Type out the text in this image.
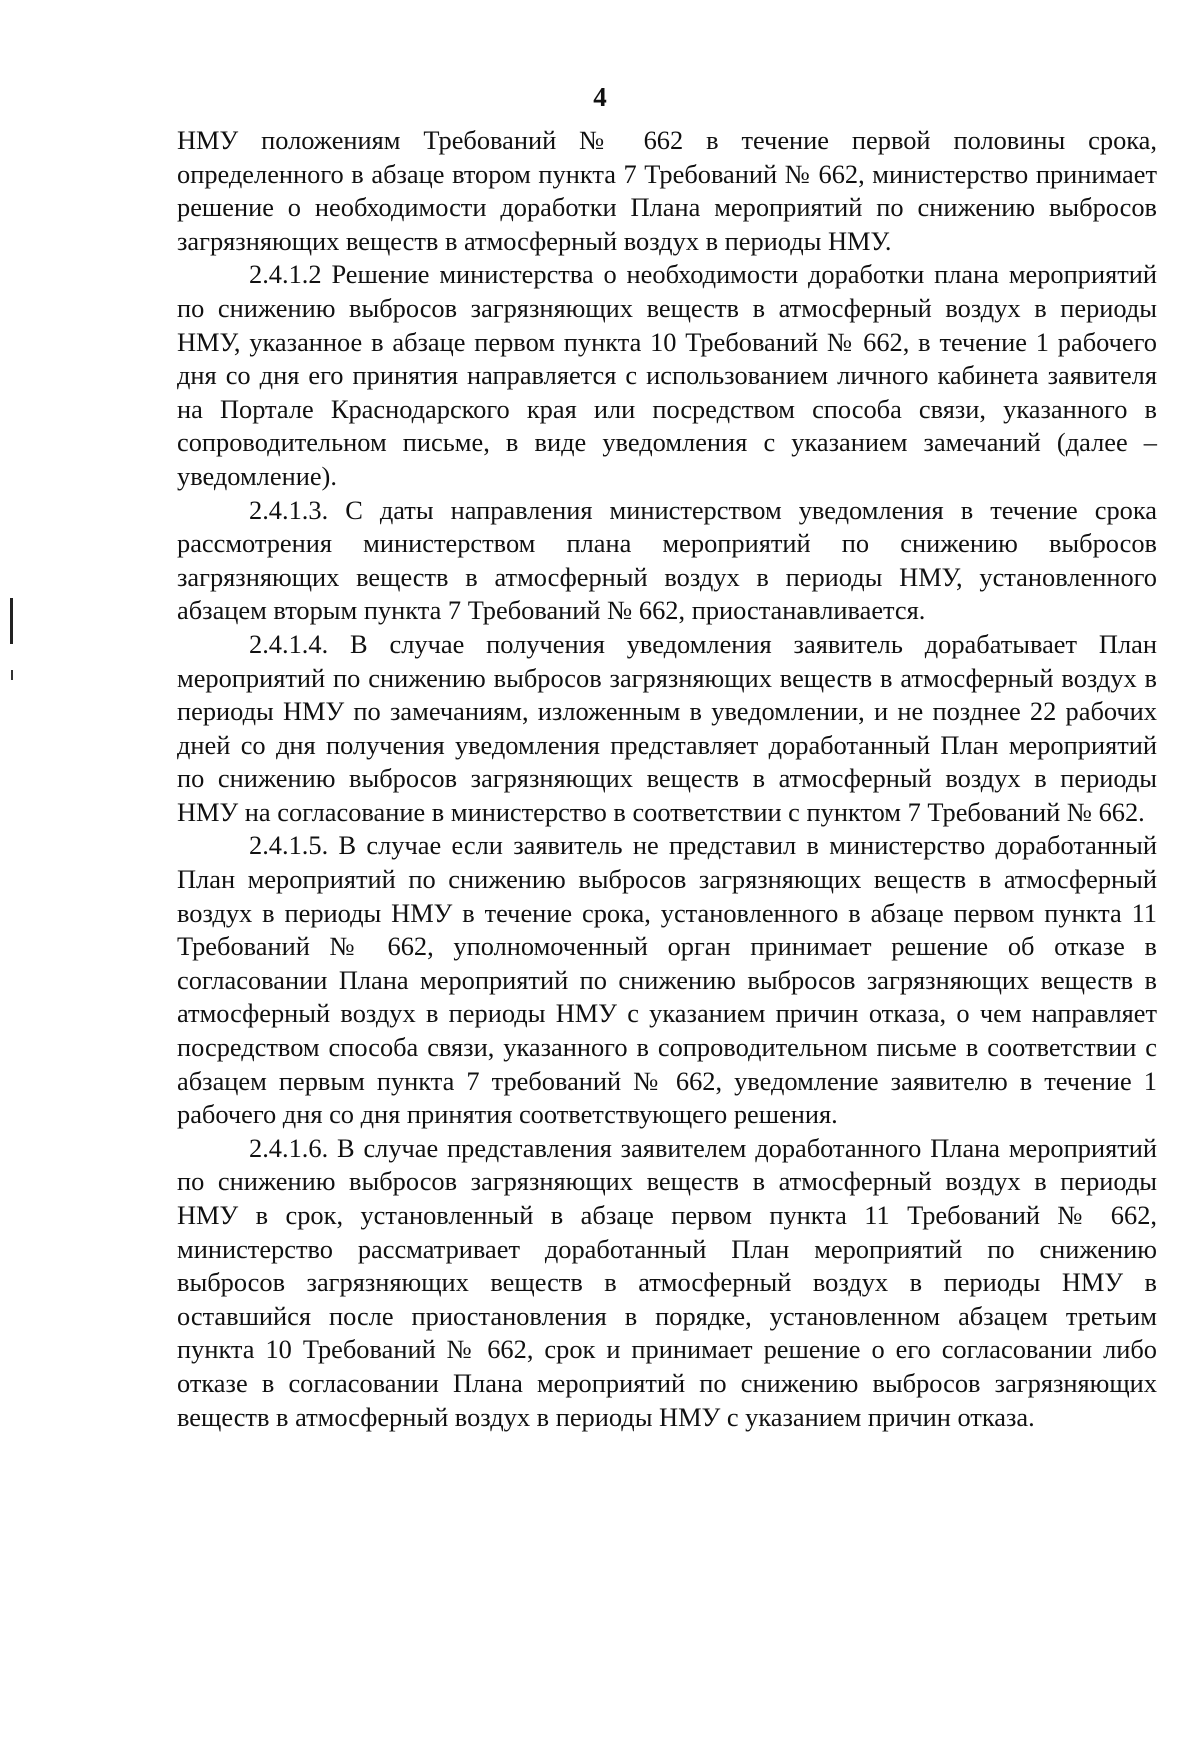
4

НМУ положениям Требований № 662 в течение первой половины срока, определенного в абзаце втором пункта 7 Требований № 662, министерство принимает решение о необходимости доработки Плана мероприятий по снижению выбросов загрязняющих веществ в атмосферный воздух в периоды НМУ.

2.4.1.2 Решение министерства о необходимости доработки плана мероприятий по снижению выбросов загрязняющих веществ в атмосферный воздух в периоды НМУ, указанное в абзаце первом пункта 10 Требований № 662, в течение 1 рабочего дня со дня его принятия направляется с использованием личного кабинета заявителя на Портале Краснодарского края или посредством способа связи, указанного в сопроводительном письме, в виде уведомления с указанием замечаний (далее – уведомление).

2.4.1.3. С даты направления министерством уведомления в течение срока рассмотрения министерством плана мероприятий по снижению выбросов загрязняющих веществ в атмосферный воздух в периоды НМУ, установленного абзацем вторым пункта 7 Требований № 662, приостанавливается.

2.4.1.4. В случае получения уведомления заявитель дорабатывает План мероприятий по снижению выбросов загрязняющих веществ в атмосферный воздух в периоды НМУ по замечаниям, изложенным в уведомлении, и не позднее 22 рабочих дней со дня получения уведомления представляет доработанный План мероприятий по снижению выбросов загрязняющих веществ в атмосферный воздух в периоды НМУ на согласование в министерство в соответствии с пунктом 7 Требований № 662.

2.4.1.5. В случае если заявитель не представил в министерство доработанный План мероприятий по снижению выбросов загрязняющих веществ в атмосферный воздух в периоды НМУ в течение срока, установленного в абзаце первом пункта 11 Требований № 662, уполномоченный орган принимает решение об отказе в согласовании Плана мероприятий по снижению выбросов загрязняющих веществ в атмосферный воздух в периоды НМУ с указанием причин отказа, о чем направляет посредством способа связи, указанного в сопроводительном письме в соответствии с абзацем первым пункта 7 требований № 662, уведомление заявителю в течение 1 рабочего дня со дня принятия соответствующего решения.

2.4.1.6. В случае представления заявителем доработанного Плана мероприятий по снижению выбросов загрязняющих веществ в атмосферный воздух в периоды НМУ в срок, установленный в абзаце первом пункта 11 Требований № 662, министерство рассматривает доработанный План мероприятий по снижению выбросов загрязняющих веществ в атмосферный воздух в периоды НМУ в оставшийся после приостановления в порядке, установленном абзацем третьим пункта 10 Требований № 662, срок и принимает решение о его согласовании либо отказе в согласовании Плана мероприятий по снижению выбросов загрязняющих веществ в атмосферный воздух в периоды НМУ с указанием причин отказа.
